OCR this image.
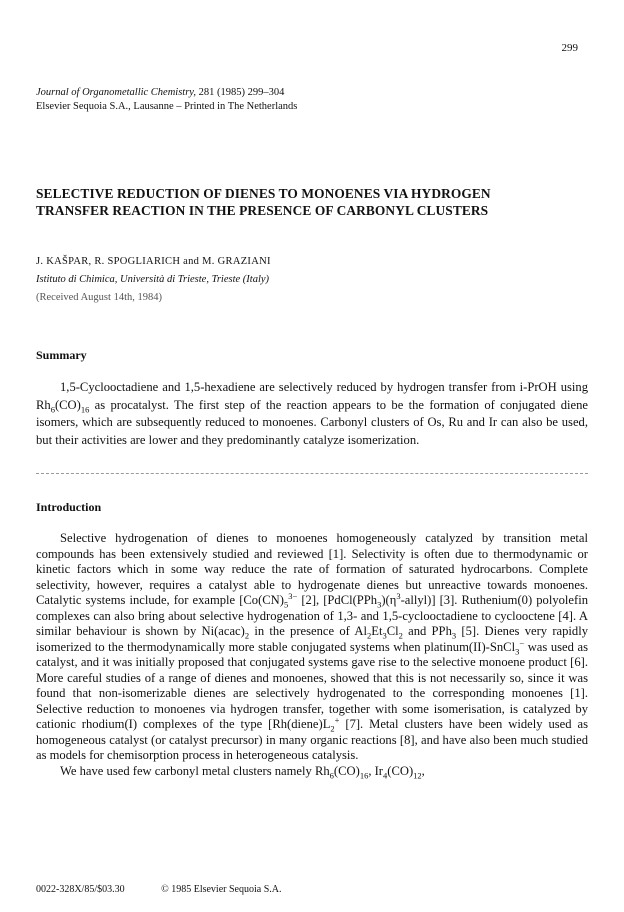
299
Journal of Organometallic Chemistry, 281 (1985) 299–304
Elsevier Sequoia S.A., Lausanne – Printed in The Netherlands
SELECTIVE REDUCTION OF DIENES TO MONOENES VIA HYDROGEN
TRANSFER REACTION IN THE PRESENCE OF CARBONYL CLUSTERS
J. KAŠPAR, R. SPOGLIARICH and M. GRAZIANI
Istituto di Chimica, Università di Trieste, Trieste (Italy)
(Received August 14th, 1984)
Summary
1,5-Cyclooctadiene and 1,5-hexadiene are selectively reduced by hydrogen transfer from i-PrOH using $Rh_6(CO)_{16}$ as procatalyst. The first step of the reaction appears to be the formation of conjugated diene isomers, which are subsequently reduced to monoenes. Carbonyl clusters of Os, Ru and Ir can also be used, but their activities are lower and they predominantly catalyze isomerization.
Introduction
Selective hydrogenation of dienes to monoenes homogeneously catalyzed by transition metal compounds has been extensively studied and reviewed [1]. Selectivity is often due to thermodynamic or kinetic factors which in some way reduce the rate of formation of saturated hydrocarbons. Complete selectivity, however, requires a catalyst able to hydrogenate dienes but unreactive towards monoenes. Catalytic systems include, for example [$Co(CN)_5^{3-}$ [2], $[PdCl(PPh_3)(\eta^3-allyl)]$ [3]. Ruthenium(0) polyolefin complexes can also bring about selective hydrogenation of 1,3- and 1,5-cyclooctadiene to cyclooctene [4]. A similar behaviour is shown by $Ni(acac)_2$ in the presence of $Al_2Et_3Cl_2$ and PPh$_3$ [5]. Dienes very rapidly isomerized to the thermodynamically more stable conjugated systems when platinum(II)-SnCl$_3$− was used as catalyst, and it was initially proposed that conjugated systems gave rise to the selective monoene product [6]. More careful studies of a range of dienes and monoenes, showed that this is not necessarily so, since it was found that non-isomerizable dienes are selectively hydrogenated to the corresponding monoenes [1]. Selective reduction to monoenes via hydrogen transfer, together with some isomerisation, is catalyzed by cationic rhodium(I) complexes of the type [$Rh(diene)L_2^+$ [7]. Metal clusters have been widely used as homogeneous catalyst (or catalyst precursor) in many organic reactions [8], and have also been much studied as models for chemisorption process in heterogeneous catalysis.
We have used few carbonyl metal clusters namely $Rh_6(CO)_{16}$, $Ir_4(CO)_{12}$,
0022-328X/85/$03.30	© 1985 Elsevier Sequoia S.A.
